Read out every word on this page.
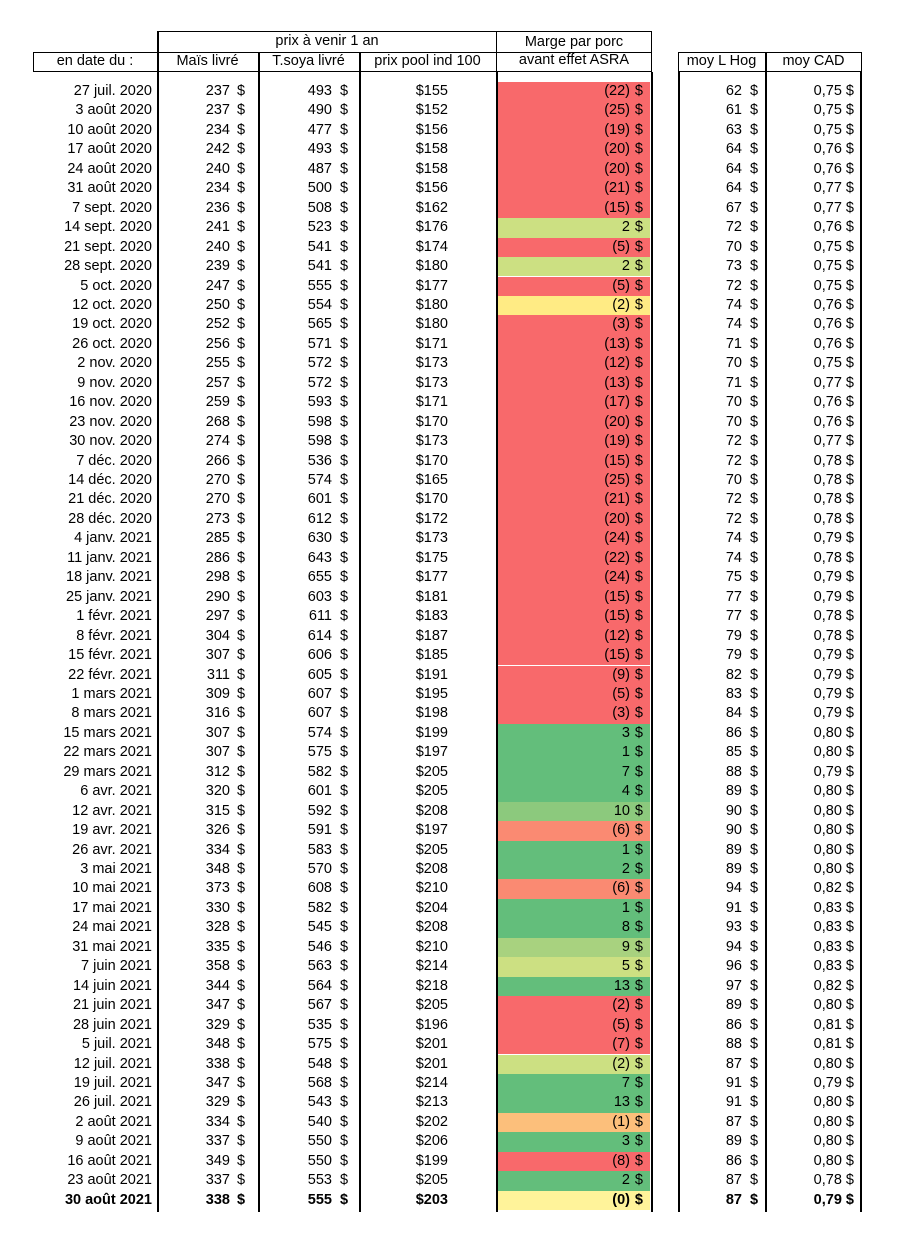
prix à venir 1 an	Marge par porc
avant effet ASRA
en date du :	Maïs livré	T.soya livré	prix pool ind 100	moy L Hog	moy CAD
27 juil. 2020	237 $	493 $	$155	(22) $	62 $	0,75 $
3 août 2020	237 $	490 $	$152	(25) $	61 $	0,75 $
10 août 2020	234 $	477 $	$156	(19) $	63 $	0,75 $
17 août 2020	242 $	493 $	$158	(20) $	64 $	0,76 $
24 août 2020	240 $	487 $	$158	(20) $	64 $	0,76 $
31 août 2020	234 $	500 $	$156	(21) $	64 $	0,77 $
7 sept. 2020	236 $	508 $	$162	(15) $	67 $	0,77 $
14 sept. 2020	241 $	523 $	$176	2 $	72 $	0,76 $
21 sept. 2020	240 $	541 $	$174	(5) $	70 $	0,75 $
28 sept. 2020	239 $	541 $	$180	2 $	73 $	0,75 $
5 oct. 2020	247 $	555 $	$177	(5) $	72 $	0,75 $
12 oct. 2020	250 $	554 $	$180	(2) $	74 $	0,76 $
19 oct. 2020	252 $	565 $	$180	(3) $	74 $	0,76 $
26 oct. 2020	256 $	571 $	$171	(13) $	71 $	0,76 $
2 nov. 2020	255 $	572 $	$173	(12) $	70 $	0,75 $
9 nov. 2020	257 $	572 $	$173	(13) $	71 $	0,77 $
16 nov. 2020	259 $	593 $	$171	(17) $	70 $	0,76 $
23 nov. 2020	268 $	598 $	$170	(20) $	70 $	0,76 $
30 nov. 2020	274 $	598 $	$173	(19) $	72 $	0,77 $
7 déc. 2020	266 $	536 $	$170	(15) $	72 $	0,78 $
14 déc. 2020	270 $	574 $	$165	(25) $	70 $	0,78 $
21 déc. 2020	270 $	601 $	$170	(21) $	72 $	0,78 $
28 déc. 2020	273 $	612 $	$172	(20) $	72 $	0,78 $
4 janv. 2021	285 $	630 $	$173	(24) $	74 $	0,79 $
11 janv. 2021	286 $	643 $	$175	(22) $	74 $	0,78 $
18 janv. 2021	298 $	655 $	$177	(24) $	75 $	0,79 $
25 janv. 2021	290 $	603 $	$181	(15) $	77 $	0,79 $
1 févr. 2021	297 $	611 $	$183	(15) $	77 $	0,78 $
8 févr. 2021	304 $	614 $	$187	(12) $	79 $	0,78 $
15 févr. 2021	307 $	606 $	$185	(15) $	79 $	0,79 $
22 févr. 2021	311 $	605 $	$191	(9) $	82 $	0,79 $
1 mars 2021	309 $	607 $	$195	(5) $	83 $	0,79 $
8 mars 2021	316 $	607 $	$198	(3) $	84 $	0,79 $
15 mars 2021	307 $	574 $	$199	3 $	86 $	0,80 $
22 mars 2021	307 $	575 $	$197	1 $	85 $	0,80 $
29 mars 2021	312 $	582 $	$205	7 $	88 $	0,79 $
6 avr. 2021	320 $	601 $	$205	4 $	89 $	0,80 $
12 avr. 2021	315 $	592 $	$208	10 $	90 $	0,80 $
19 avr. 2021	326 $	591 $	$197	(6) $	90 $	0,80 $
26 avr. 2021	334 $	583 $	$205	1 $	89 $	0,80 $
3 mai 2021	348 $	570 $	$208	2 $	89 $	0,80 $
10 mai 2021	373 $	608 $	$210	(6) $	94 $	0,82 $
17 mai 2021	330 $	582 $	$204	1 $	91 $	0,83 $
24 mai 2021	328 $	545 $	$208	8 $	93 $	0,83 $
31 mai 2021	335 $	546 $	$210	9 $	94 $	0,83 $
7 juin 2021	358 $	563 $	$214	5 $	96 $	0,83 $
14 juin 2021	344 $	564 $	$218	13 $	97 $	0,82 $
21 juin 2021	347 $	567 $	$205	(2) $	89 $	0,80 $
28 juin 2021	329 $	535 $	$196	(5) $	86 $	0,81 $
5 juil. 2021	348 $	575 $	$201	(7) $	88 $	0,81 $
12 juil. 2021	338 $	548 $	$201	(2) $	87 $	0,80 $
19 juil. 2021	347 $	568 $	$214	7 $	91 $	0,79 $
26 juil. 2021	329 $	543 $	$213	13 $	91 $	0,80 $
2 août 2021	334 $	540 $	$202	(1) $	87 $	0,80 $
9 août 2021	337 $	550 $	$206	3 $	89 $	0,80 $
16 août 2021	349 $	550 $	$199	(8) $	86 $	0,80 $
23 août 2021	337 $	553 $	$205	2 $	87 $	0,78 $
30 août 2021	338 $	555 $	$203	(0) $	87 $	0,79 $
